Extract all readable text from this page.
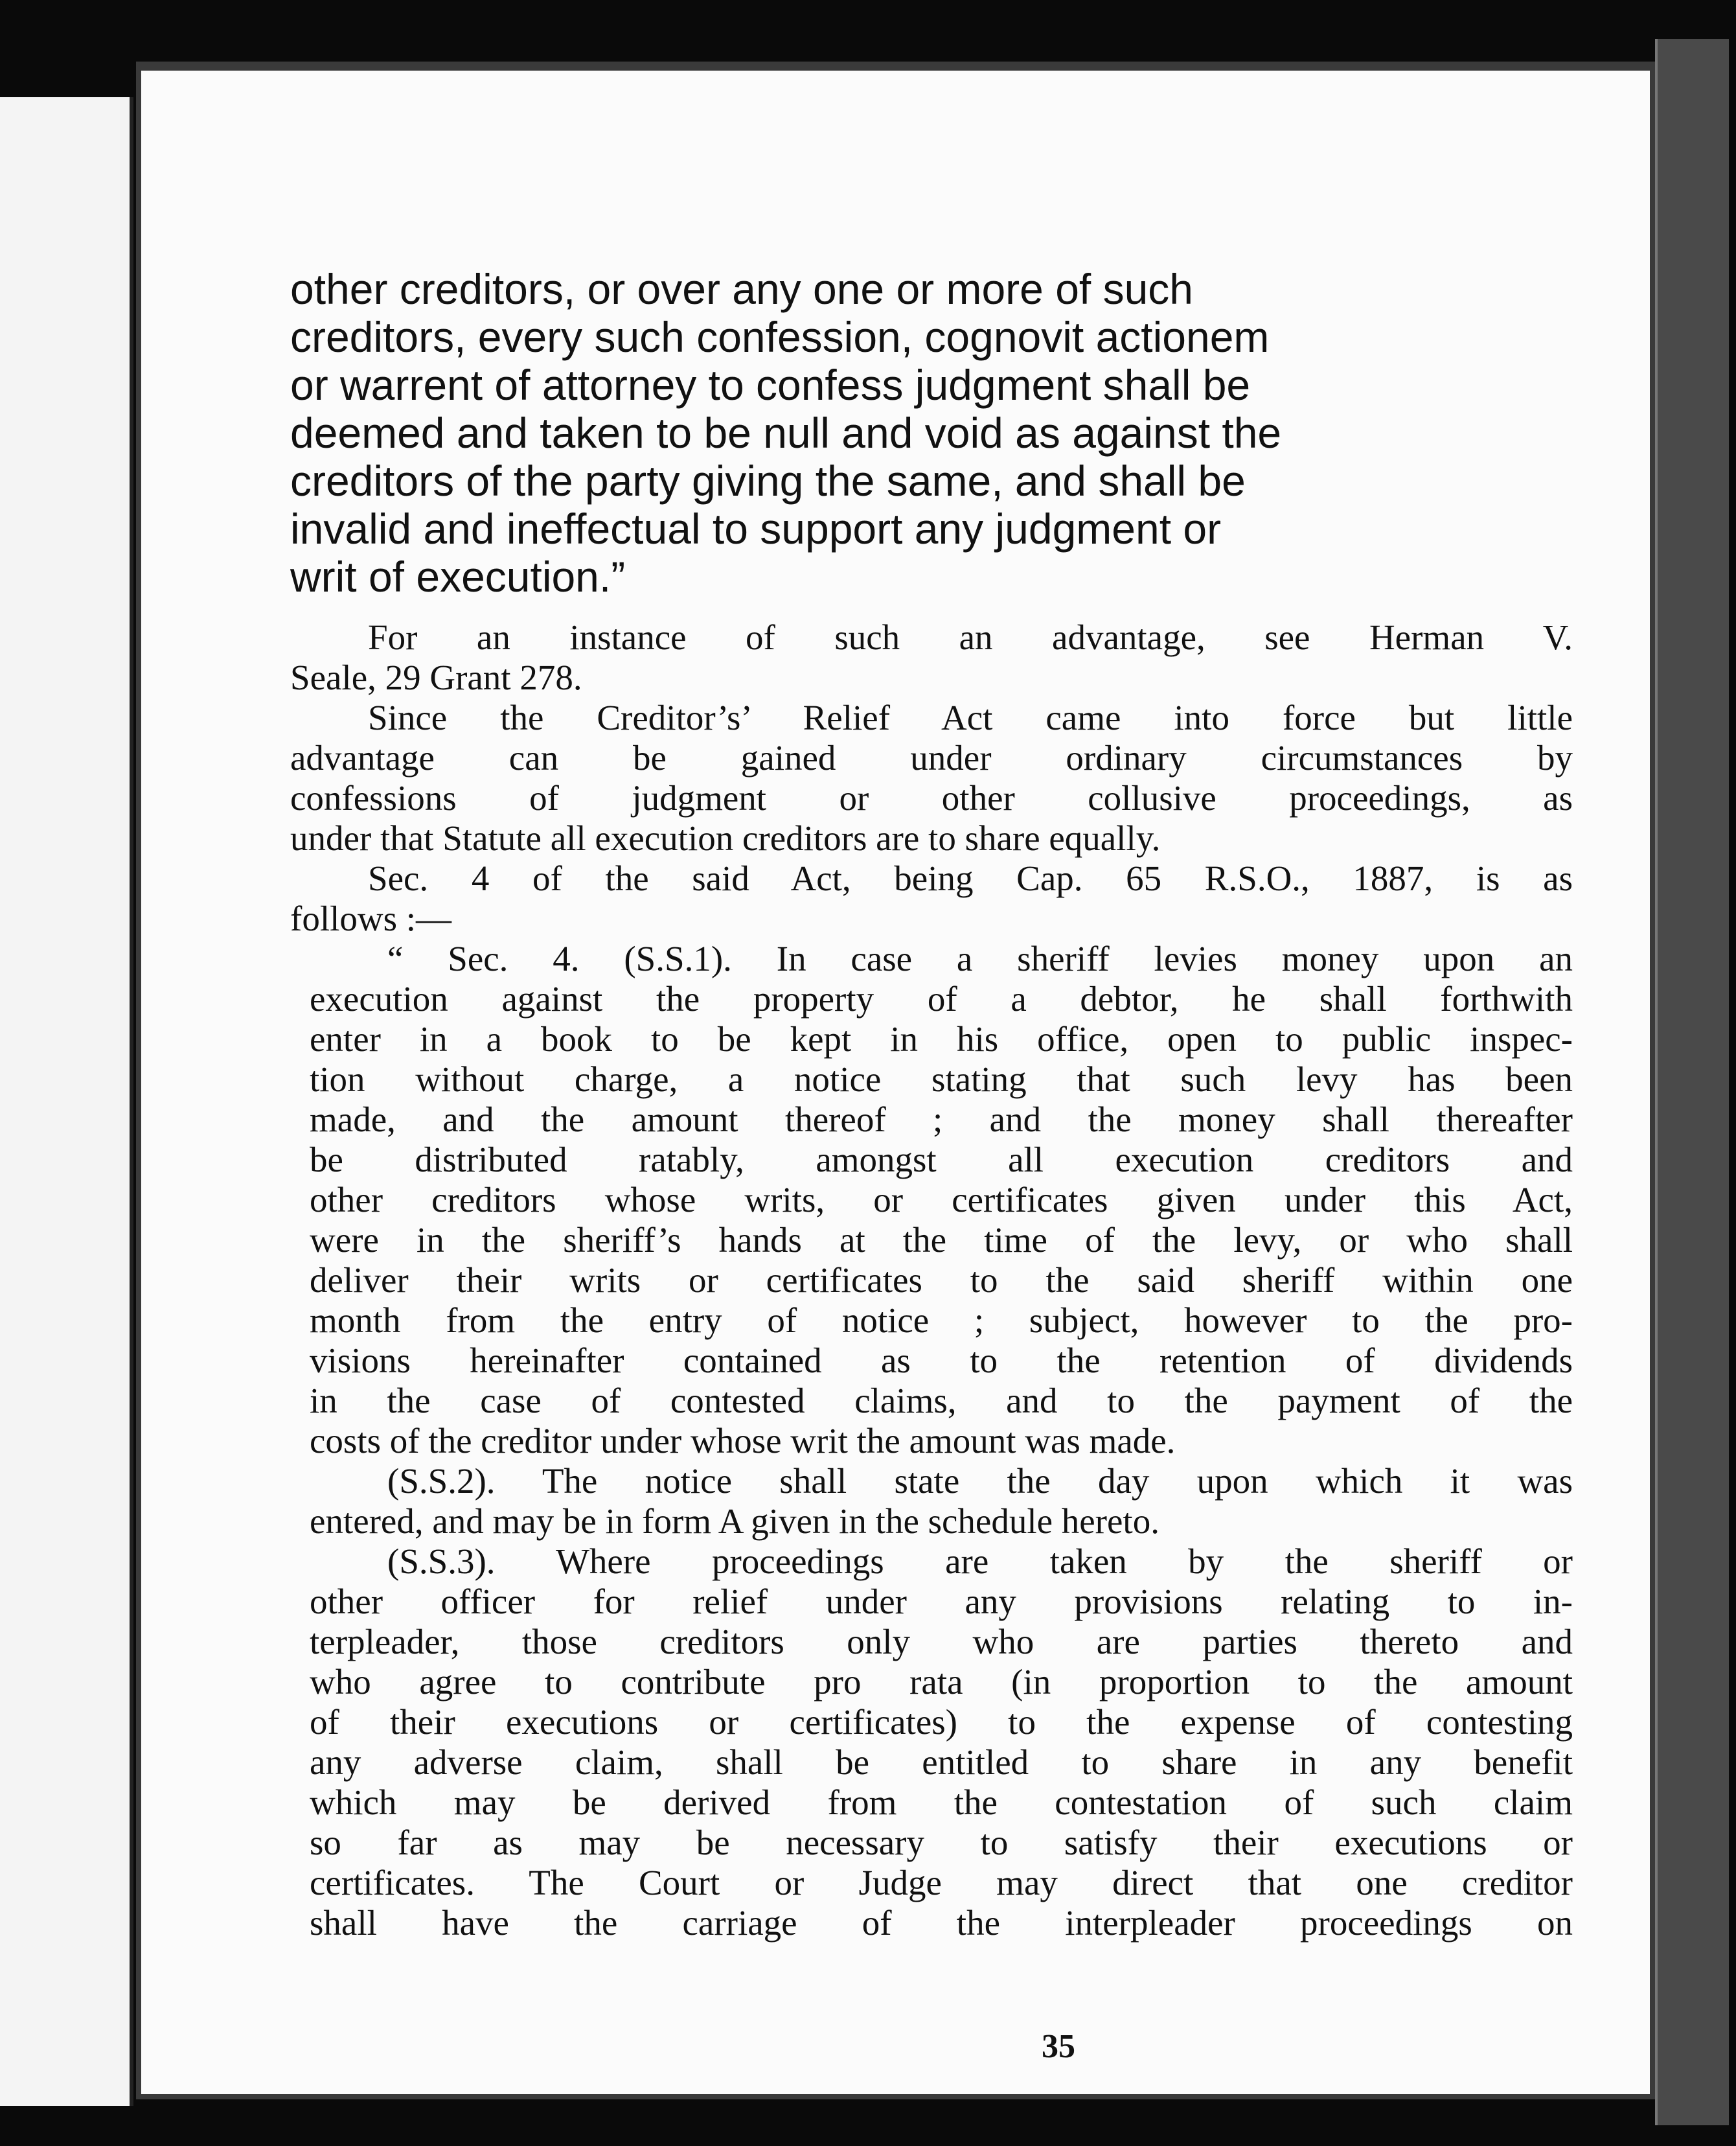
other creditors, or over any one or more of such
creditors, every such confession, cognovit actionem
or warrent of attorney to confess judgment shall be
deemed and taken to be null and void as against the
creditors of the party giving the same, and shall be
invalid and ineffectual to support any judgment or
writ of execution.”
For an instance of such an advantage, see Herman V.
Seale, 29 Grant 278.
Since the Creditor’s’ Relief Act came into force but little
advantage can be gained under ordinary circumstances by
confessions of judgment or other collusive proceedings, as
under that Statute all execution creditors are to share equally.
Sec. 4 of the said Act, being Cap. 65 R.S.O., 1887, is as
follows :—
“ Sec. 4. (S.S.1). In case a sheriff levies money upon an
execution against the property of a debtor, he shall forthwith
enter in a book to be kept in his office, open to public inspec-
tion without charge, a notice stating that such levy has been
made, and the amount thereof ; and the money shall thereafter
be distributed ratably, amongst all execution creditors and
other creditors whose writs, or certificates given under this Act,
were in the sheriff’s hands at the time of the levy, or who shall
deliver their writs or certificates to the said sheriff within one
month from the entry of notice ; subject, however to the pro-
visions hereinafter contained as to the retention of dividends
in the case of contested claims, and to the payment of the
costs of the creditor under whose writ the amount was made.
(S.S.2). The notice shall state the day upon which it was
entered, and may be in form A given in the schedule hereto.
(S.S.3). Where proceedings are taken by the sheriff or
other officer for relief under any provisions relating to in-
terpleader, those creditors only who are parties thereto and
who agree to contribute pro rata (in proportion to the amount
of their executions or certificates) to the expense of contesting
any adverse claim, shall be entitled to share in any benefit
which may be derived from the contestation of such claim
so far as may be necessary to satisfy their executions or
certificates. The Court or Judge may direct that one creditor
shall have the carriage of the interpleader proceedings on
35
